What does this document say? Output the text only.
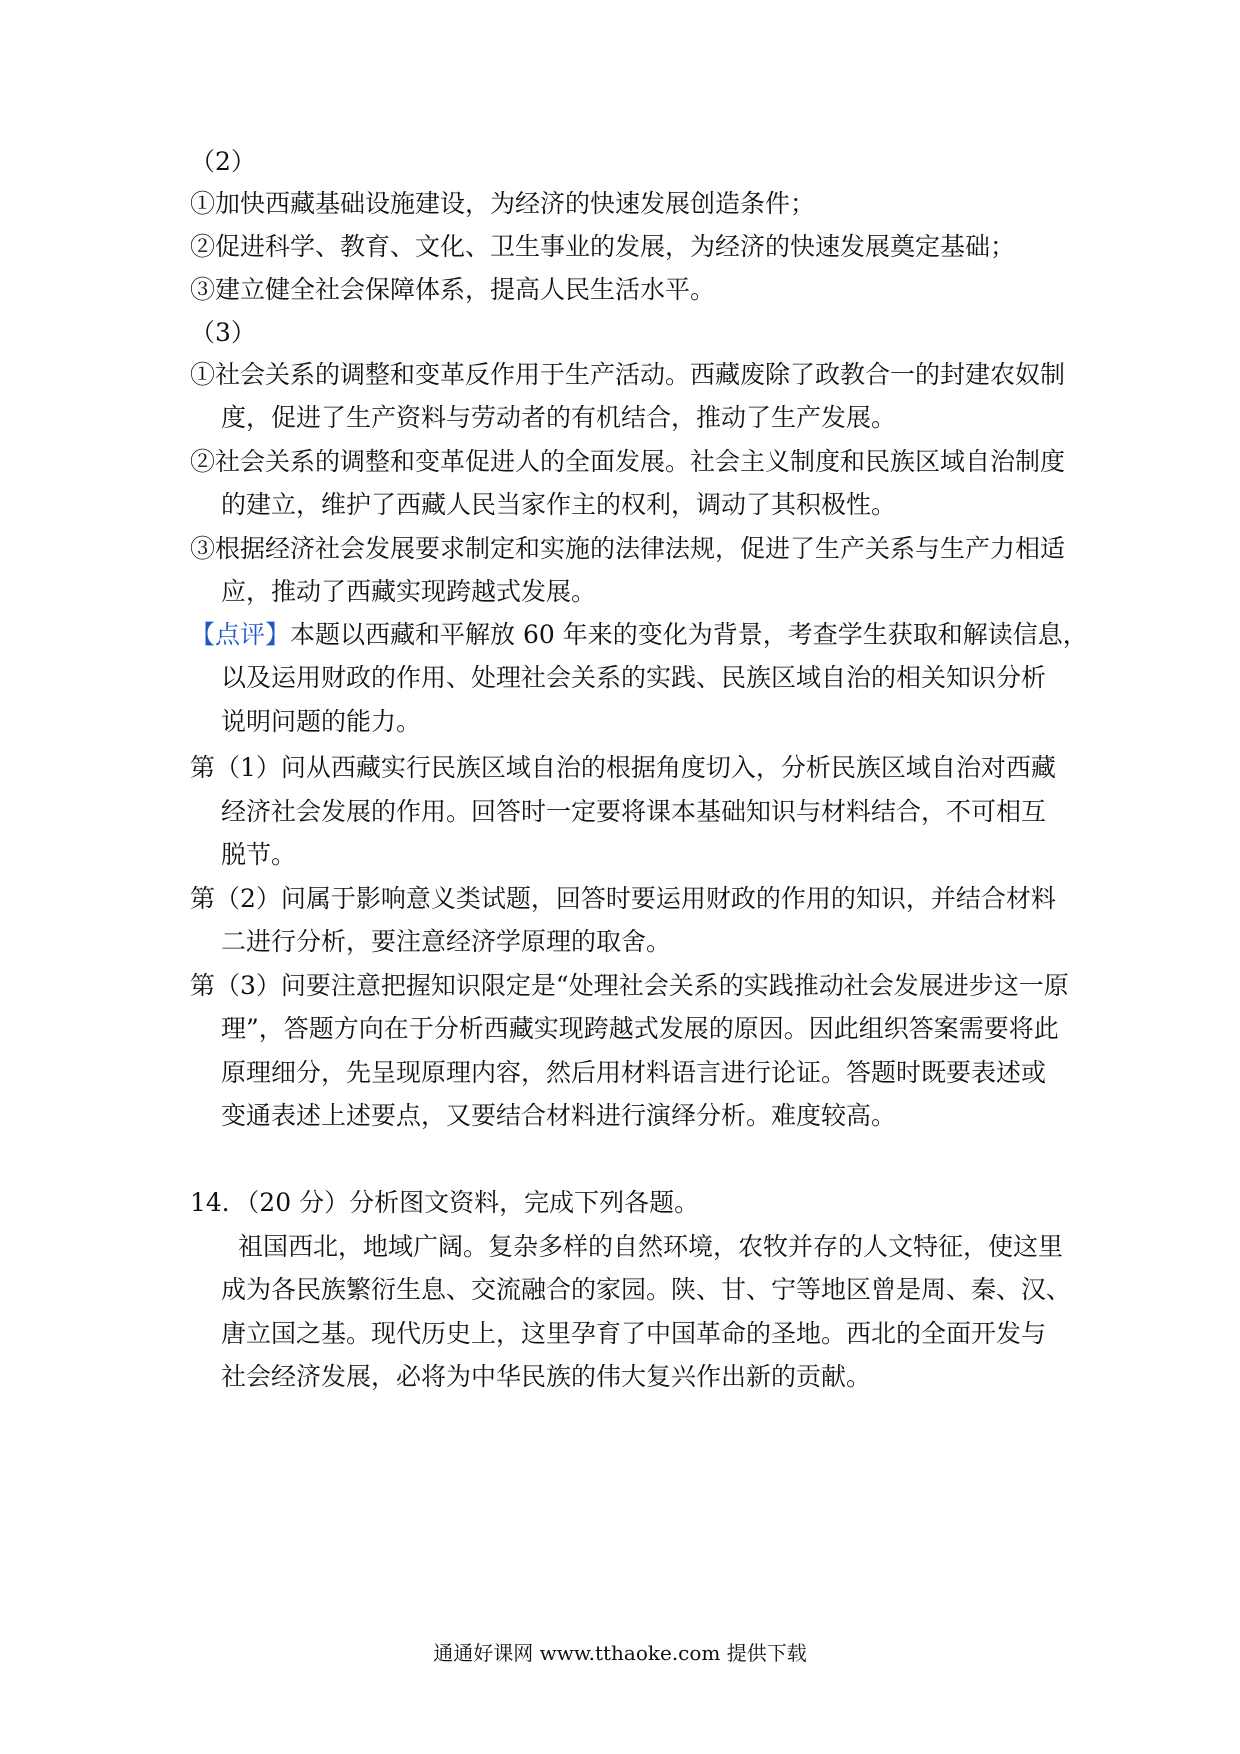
（2）
①加快西藏基础设施建设，为经济的快速发展创造条件；
②促进科学、教育、文化、卫生事业的发展，为经济的快速发展奠定基础；
③建立健全社会保障体系，提高人民生活水平。
（3）
①社会关系的调整和变革反作用于生产活动。西藏废除了政教合一的封建农奴制
度，促进了生产资料与劳动者的有机结合，推动了生产发展。
②社会关系的调整和变革促进人的全面发展。社会主义制度和民族区域自治制度
的建立，维护了西藏人民当家作主的权利，调动了其积极性。
③根据经济社会发展要求制定和实施的法律法规，促进了生产关系与生产力相适
应，推动了西藏实现跨越式发展。
【点评】本题以西藏和平解放 60 年来的变化为背景，考查学生获取和解读信息，
以及运用财政的作用、处理社会关系的实践、民族区域自治的相关知识分析
说明问题的能力。
第（1）问从西藏实行民族区域自治的根据角度切入，分析民族区域自治对西藏
经济社会发展的作用。回答时一定要将课本基础知识与材料结合，不可相互
脱节。
第（2）问属于影响意义类试题，回答时要运用财政的作用的知识，并结合材料
二进行分析，要注意经济学原理的取舍。
第（3）问要注意把握知识限定是“处理社会关系的实践推动社会发展进步这一原
理”，答题方向在于分析西藏实现跨越式发展的原因。因此组织答案需要将此
原理细分，先呈现原理内容，然后用材料语言进行论证。答题时既要表述或
变通表述上述要点，又要结合材料进行演绎分析。难度较高。
14．（20 分）分析图文资料，完成下列各题。
祖国西北，地域广阔。复杂多样的自然环境，农牧并存的人文特征，使这里
成为各民族繁衍生息、交流融合的家园。陕、甘、宁等地区曾是周、秦、汉、
唐立国之基。现代历史上，这里孕育了中国革命的圣地。西北的全面开发与
社会经济发展，必将为中华民族的伟大复兴作出新的贡献。
通通好课网 www.tthaoke.com 提供下载
